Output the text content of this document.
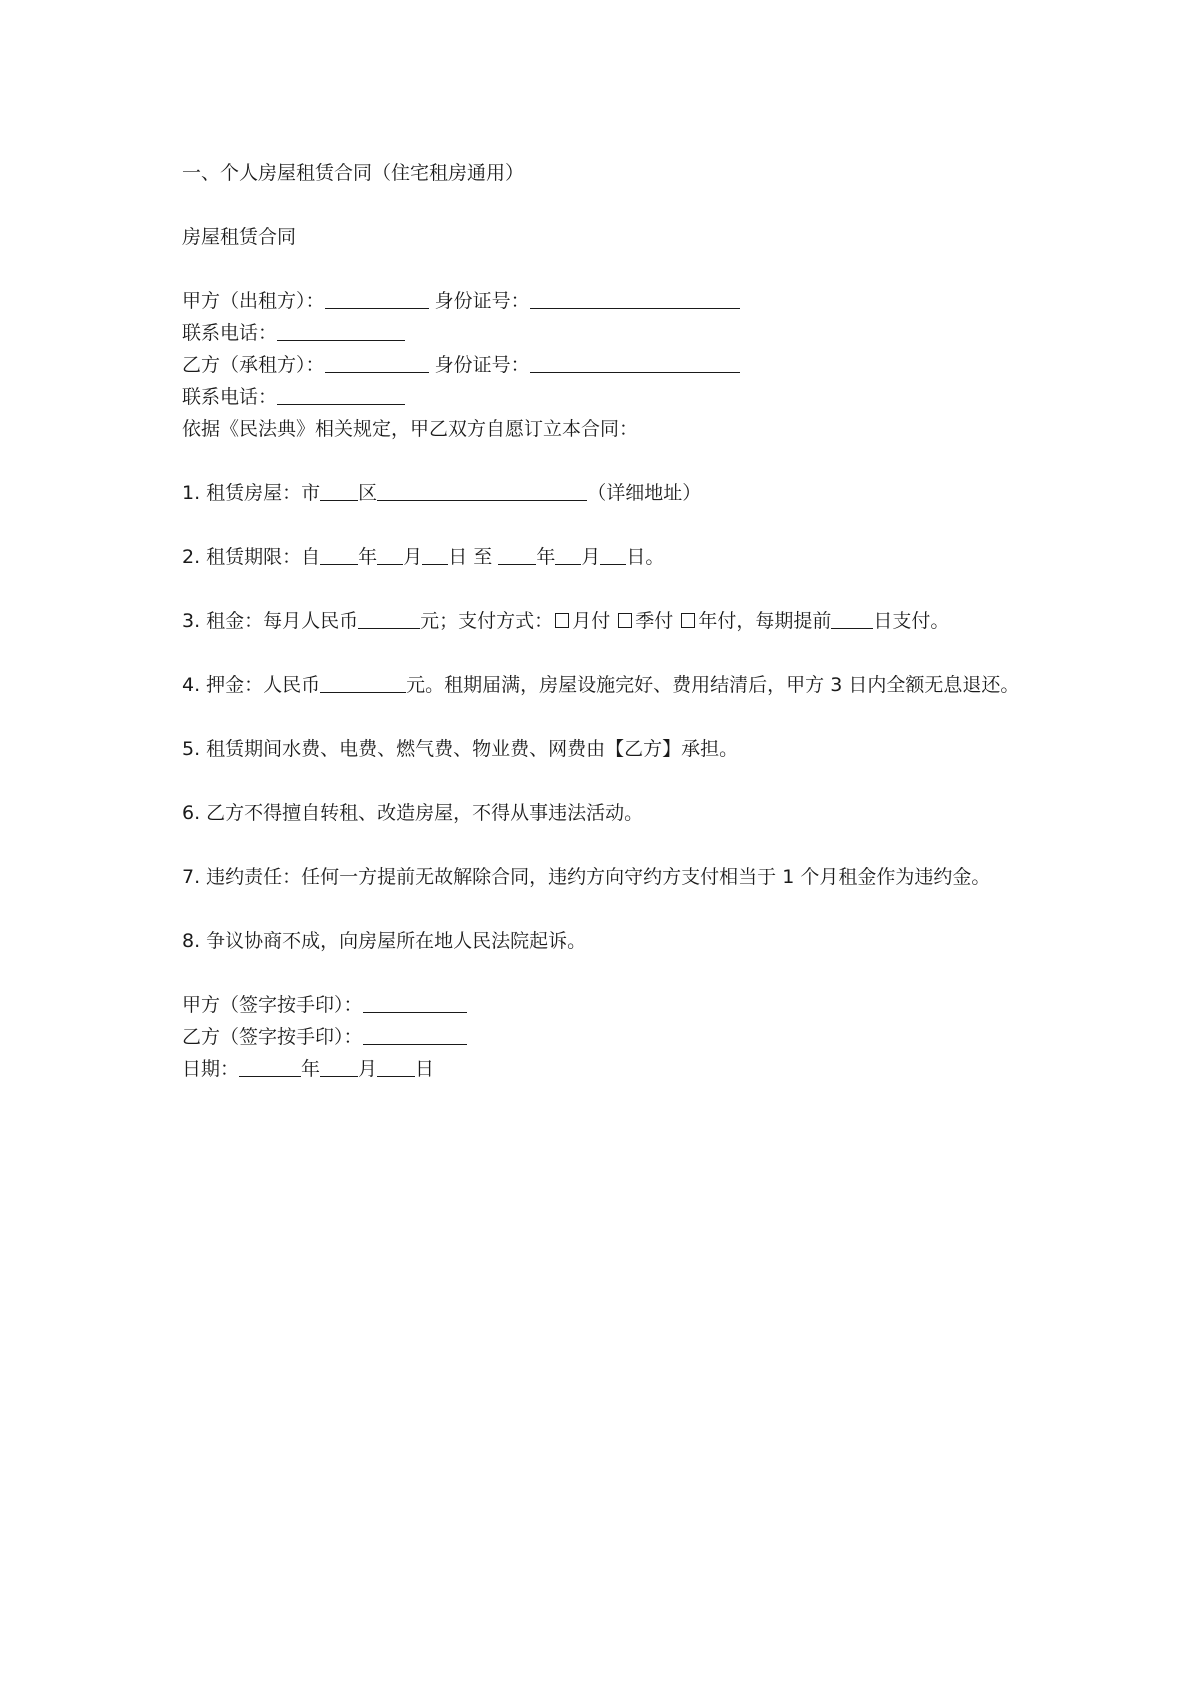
一、个人房屋租赁合同（住宅租房通用）
房屋租赁合同
甲方（出租方）：	身份证号：
联系电话：
乙方（承租方）：	身份证号：
联系电话：
依据《民法典》相关规定，甲乙双方自愿订立本合同：
1. 租赁房屋：市 区	（详细地址）
2. 租赁期限：自 年 月 日 至 年 月 日。
3. 租金：每月人民币	元；支付方式： 月付 季付 年付，每期提前 日支付。
4. 押金：人民币	元。租期届满，房屋设施完好、费用结清后，甲方 3 日内全额无息退还。
5. 租赁期间水费、电费、燃气费、物业费、网费由【乙方】承担。
6. 乙方不得擅自转租、改造房屋，不得从事违法活动。
7. 违约责任：任何一方提前无故解除合同，违约方向守约方支付相当于 1 个月租金作为违约金。
8. 争议协商不成，向房屋所在地人民法院起诉。
甲方（签字按手印）：
乙方（签字按手印）：
日期：	年 月 日
